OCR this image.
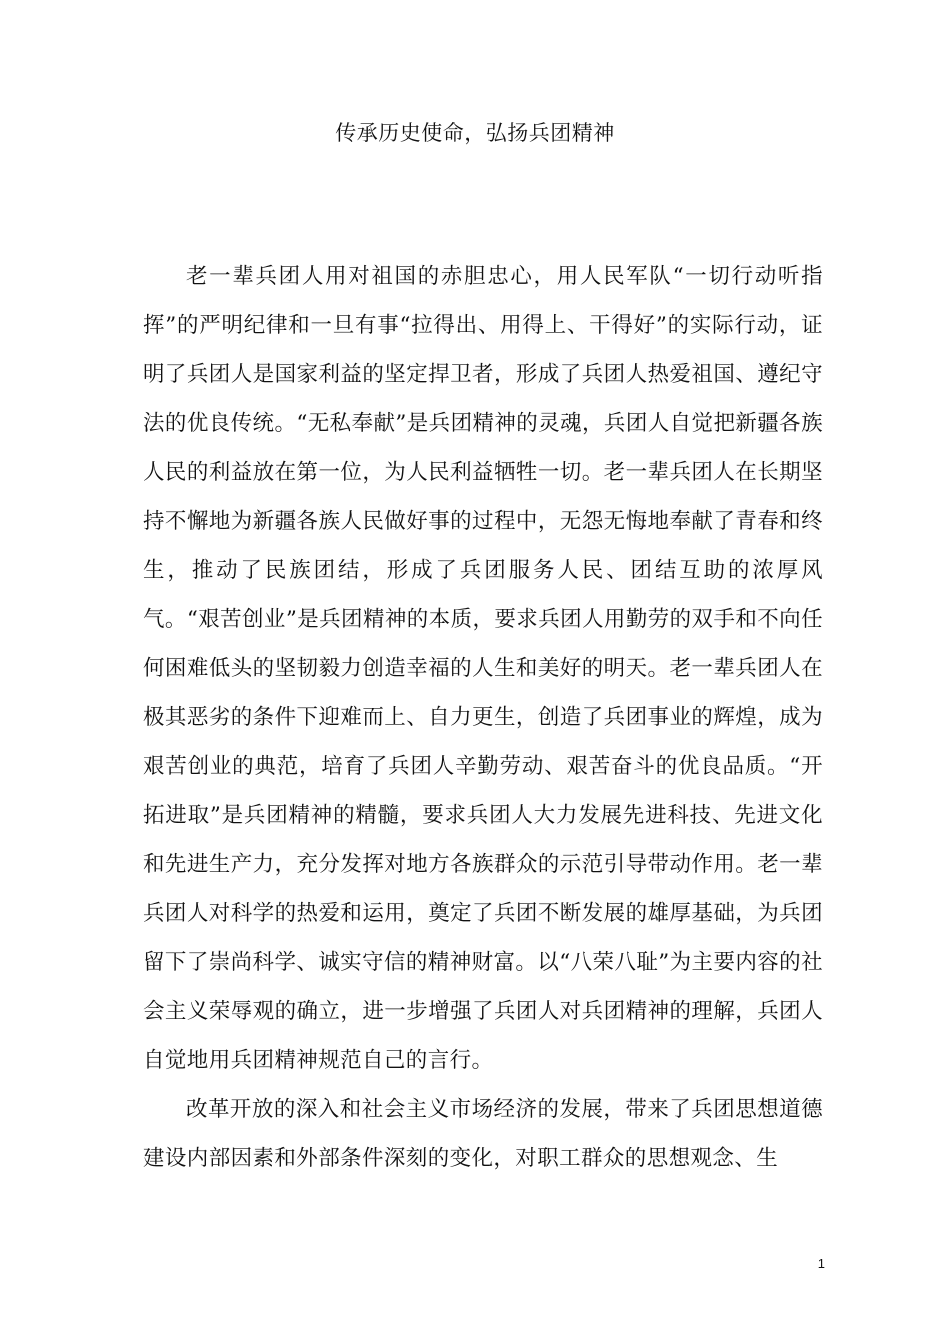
传承历史使命，弘扬兵团精神

老一辈兵团人用对祖国的赤胆忠心，用人民军队“一切行动听指挥”的严明纪律和一旦有事“拉得出、用得上、干得好”的实际行动，证明了兵团人是国家利益的坚定捍卫者，形成了兵团人热爱祖国、遵纪守法的优良传统。“无私奉献”是兵团精神的灵魂，兵团人自觉把新疆各族人民的利益放在第一位，为人民利益牺牲一切。老一辈兵团人在长期坚持不懈地为新疆各族人民做好事的过程中，无怨无悔地奉献了青春和终生，推动了民族团结，形成了兵团服务人民、团结互助的浓厚风气。“艰苦创业”是兵团精神的本质，要求兵团人用勤劳的双手和不向任何困难低头的坚韧毅力创造幸福的人生和美好的明天。老一辈兵团人在极其恶劣的条件下迎难而上、自力更生，创造了兵团事业的辉煌，成为艰苦创业的典范，培育了兵团人辛勤劳动、艰苦奋斗的优良品质。“开拓进取”是兵团精神的精髓，要求兵团人大力发展先进科技、先进文化和先进生产力，充分发挥对地方各族群众的示范引导带动作用。老一辈兵团人对科学的热爱和运用，奠定了兵团不断发展的雄厚基础，为兵团留下了崇尚科学、诚实守信的精神财富。以“八荣八耻”为主要内容的社会主义荣辱观的确立，进一步增强了兵团人对兵团精神的理解，兵团人自觉地用兵团精神规范自己的言行。

改革开放的深入和社会主义市场经济的发展，带来了兵团思想道德建设内部因素和外部条件深刻的变化，对职工群众的思想观念、生

1
